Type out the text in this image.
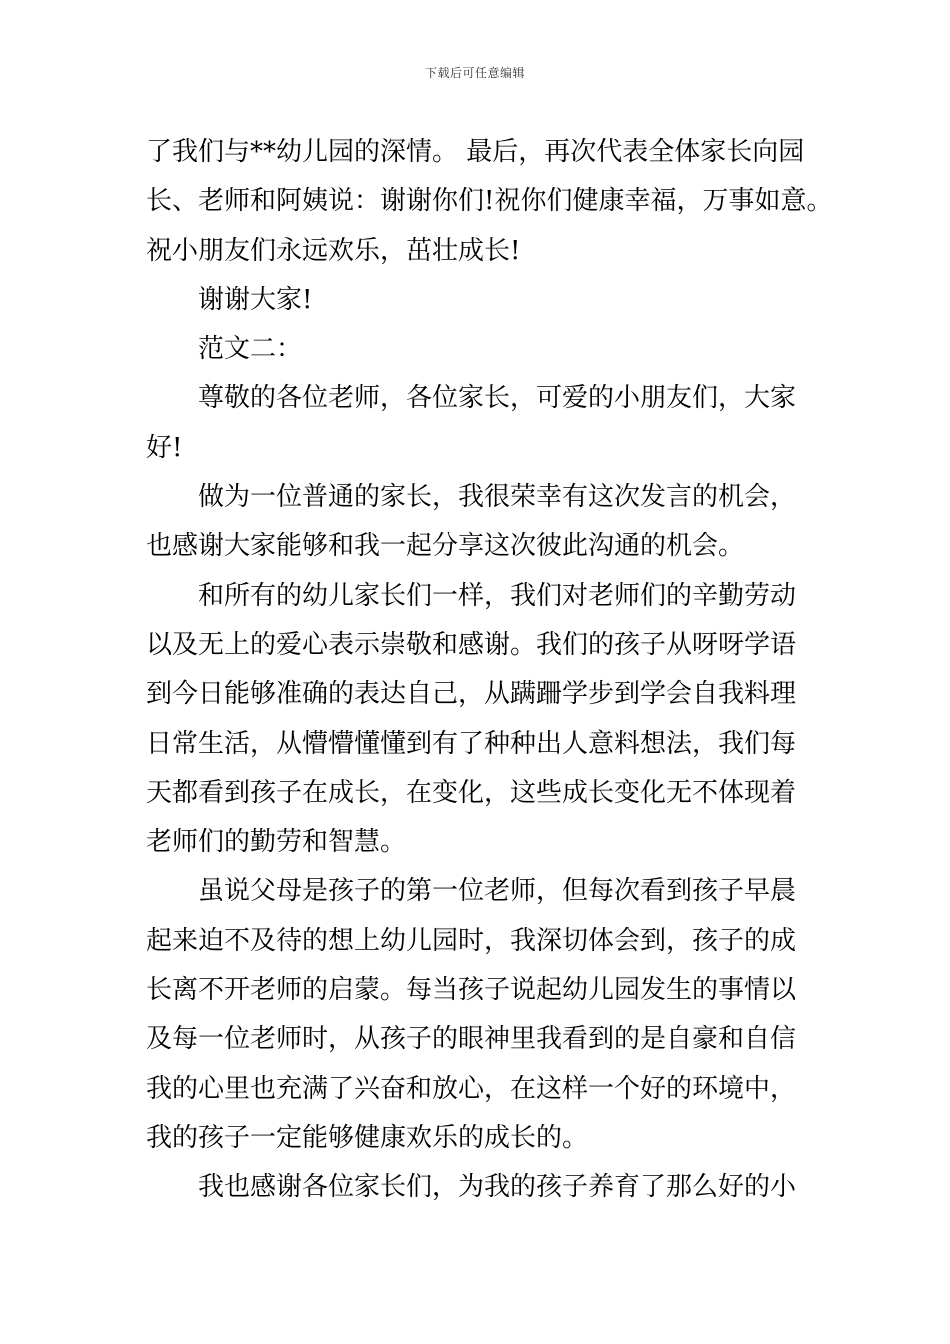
下载后可任意编辑
了我们与**幼儿园的深情。 最后，再次代表全体家长向园
长、老师和阿姨说：谢谢你们!祝你们健康幸福，万事如意。
祝小朋友们永远欢乐，茁壮成长!
谢谢大家!
范文二：
尊敬的各位老师，各位家长，可爱的小朋友们，大家
好!
做为一位普通的家长，我很荣幸有这次发言的机会，
也感谢大家能够和我一起分享这次彼此沟通的机会。
和所有的幼儿家长们一样，我们对老师们的辛勤劳动
以及无上的爱心表示崇敬和感谢。我们的孩子从呀呀学语
到今日能够准确的表达自己，从蹒跚学步到学会自我料理
日常生活，从懵懵懂懂到有了种种出人意料想法，我们每
天都看到孩子在成长，在变化，这些成长变化无不体现着
老师们的勤劳和智慧。
虽说父母是孩子的第一位老师，但每次看到孩子早晨
起来迫不及待的想上幼儿园时，我深切体会到，孩子的成
长离不开老师的启蒙。每当孩子说起幼儿园发生的事情以
及每一位老师时，从孩子的眼神里我看到的是自豪和自信
我的心里也充满了兴奋和放心，在这样一个好的环境中，
我的孩子一定能够健康欢乐的成长的。
我也感谢各位家长们，为我的孩子养育了那么好的小
